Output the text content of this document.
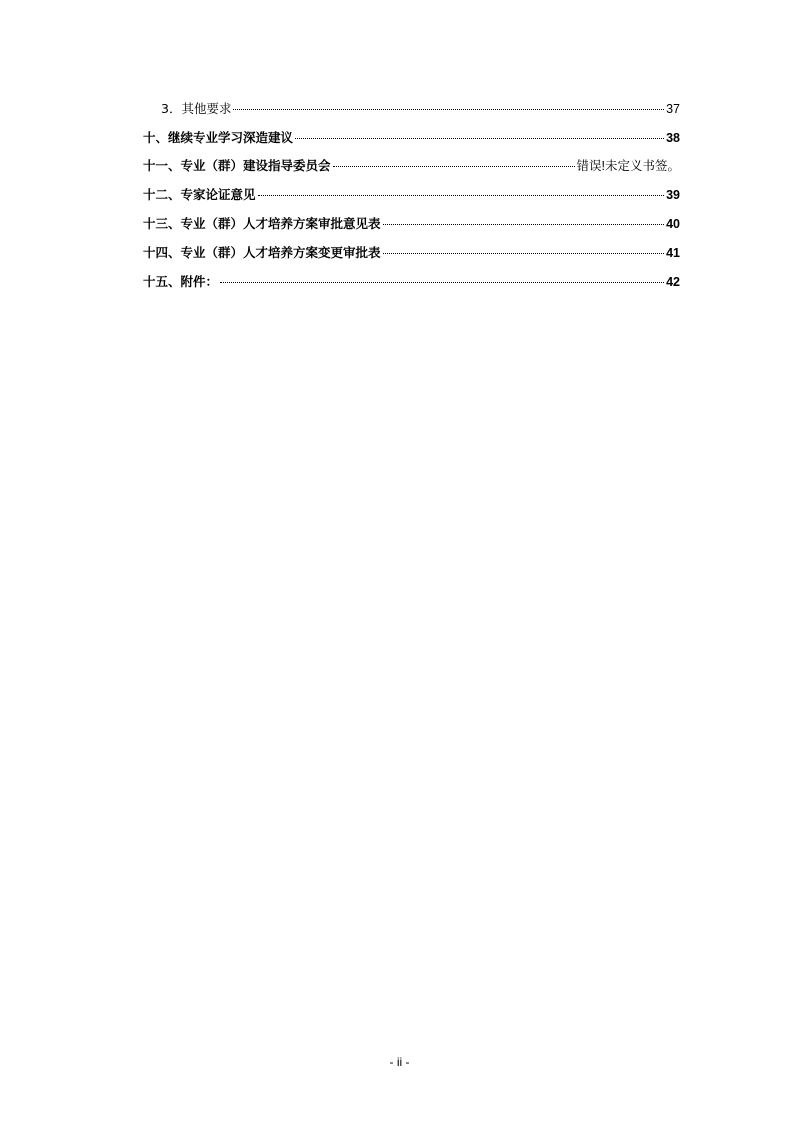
3．其他要求	37
十、继续专业学习深造建议	38
十一、专业（群）建设指导委员会	错误!未定义书签。
十二、专家论证意见	39
十三、专业（群）人才培养方案审批意见表	40
十四、专业（群）人才培养方案变更审批表	41
十五、附件：	42
- ii -
